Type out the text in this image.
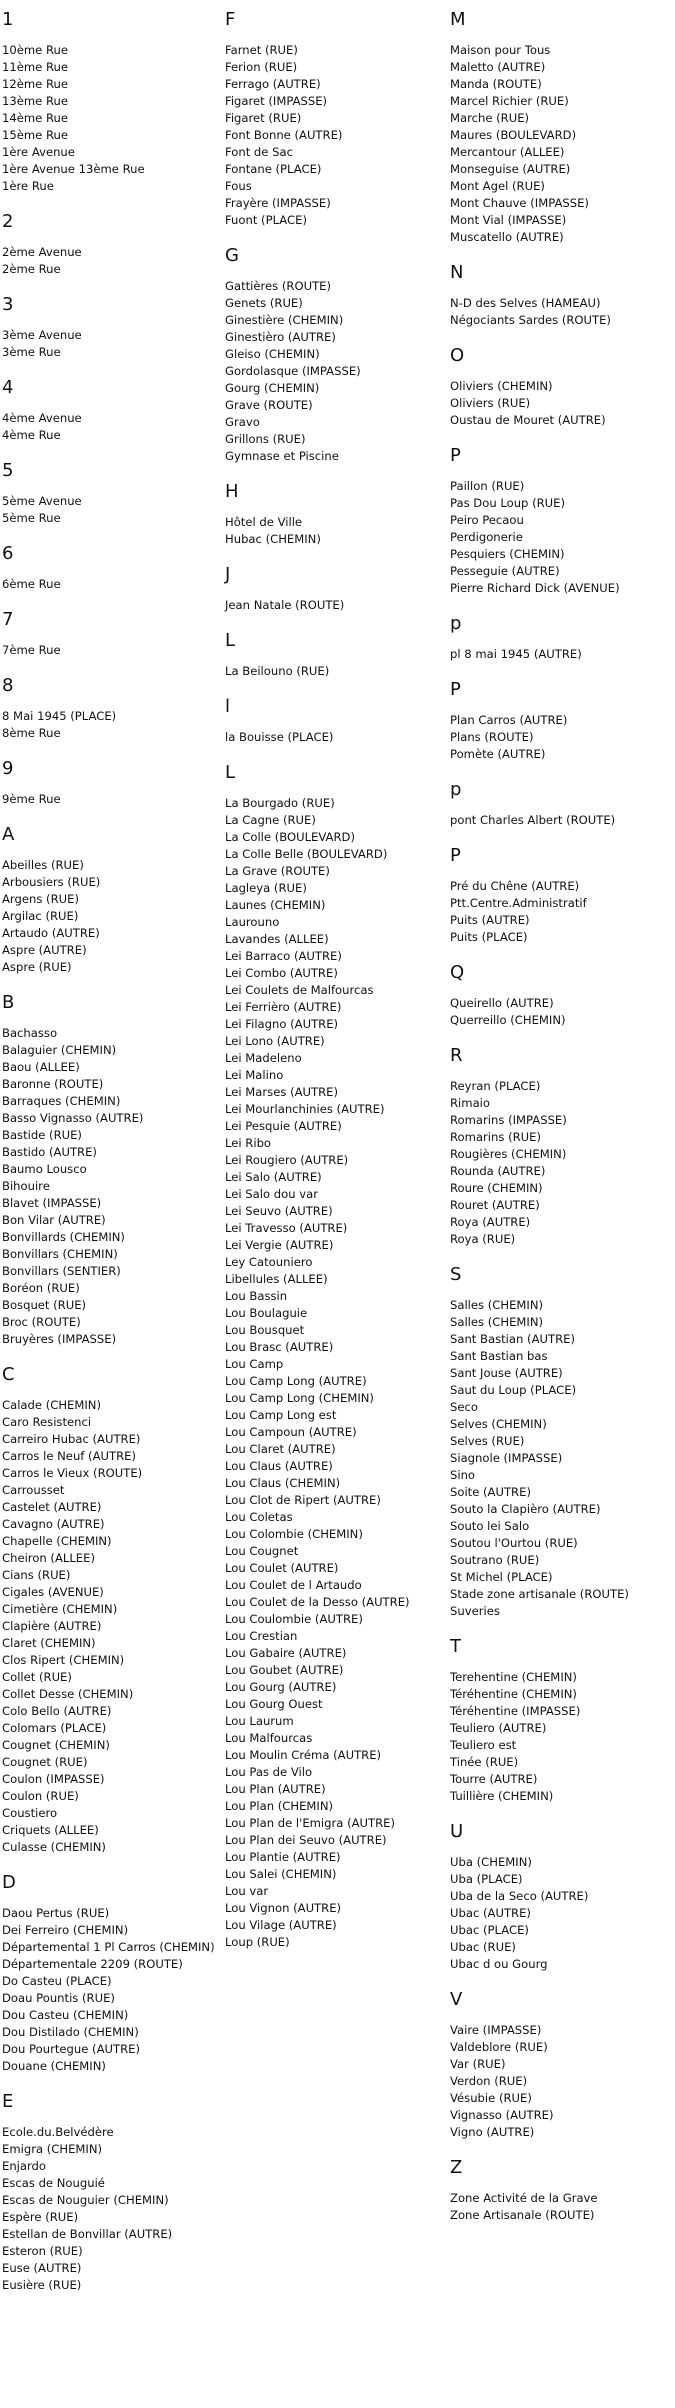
1
10ème Rue
11ème Rue
12ème Rue
13ème Rue
14ème Rue
15ème Rue
1ère Avenue
1ère Avenue 13ème Rue
1ère Rue
2
2ème Avenue
2ème Rue
3
3ème Avenue
3ème Rue
4
4ème Avenue
4ème Rue
5
5ème Avenue
5ème Rue
6
6ème Rue
7
7ème Rue
8
8 Mai 1945 (PLACE)
8ème Rue
9
9ème Rue
A
Abeilles (RUE)
Arbousiers (RUE)
Argens (RUE)
Argilac (RUE)
Artaudo (AUTRE)
Aspre (AUTRE)
Aspre (RUE)
B
Bachasso
Balaguier (CHEMIN)
Baou (ALLEE)
Baronne (ROUTE)
Barraques (CHEMIN)
Basso Vignasso (AUTRE)
Bastide (RUE)
Bastido (AUTRE)
Baumo Lousco
Bihouire
Blavet (IMPASSE)
Bon Vilar (AUTRE)
Bonvillards (CHEMIN)
Bonvillars (CHEMIN)
Bonvillars (SENTIER)
Boréon (RUE)
Bosquet (RUE)
Broc (ROUTE)
Bruyères (IMPASSE)
C
Calade (CHEMIN)
Caro Resistenci
Carreiro Hubac (AUTRE)
Carros le Neuf (AUTRE)
Carros le Vieux (ROUTE)
Carrousset
Castelet (AUTRE)
Cavagno (AUTRE)
Chapelle (CHEMIN)
Cheiron (ALLEE)
Cians (RUE)
Cigales (AVENUE)
Cimetière (CHEMIN)
Clapière (AUTRE)
Claret (CHEMIN)
Clos Ripert (CHEMIN)
Collet (RUE)
Collet Desse (CHEMIN)
Colo Bello (AUTRE)
Colomars (PLACE)
Cougnet (CHEMIN)
Cougnet (RUE)
Coulon (IMPASSE)
Coulon (RUE)
Coustiero
Criquets (ALLEE)
Culasse (CHEMIN)
D
Daou Pertus (RUE)
Dei Ferreiro (CHEMIN)
Départemental 1 Pl Carros (CHEMIN)
Départementale 2209 (ROUTE)
Do Casteu (PLACE)
Doau Pountis (RUE)
Dou Casteu (CHEMIN)
Dou Distilado (CHEMIN)
Dou Pourtegue (AUTRE)
Douane (CHEMIN)
E
Ecole.du.Belvédère
Emigra (CHEMIN)
Enjardo
Escas de Nouguié
Escas de Nouguier (CHEMIN)
Espère (RUE)
Estellan de Bonvillar (AUTRE)
Esteron (RUE)
Euse (AUTRE)
Eusière (RUE)
F
Farnet (RUE)
Ferion (RUE)
Ferrago (AUTRE)
Figaret (IMPASSE)
Figaret (RUE)
Font Bonne (AUTRE)
Font de Sac
Fontane (PLACE)
Fous
Frayère (IMPASSE)
Fuont (PLACE)
G
Gattières (ROUTE)
Genets (RUE)
Ginestière (CHEMIN)
Ginestièro (AUTRE)
Gleiso (CHEMIN)
Gordolasque (IMPASSE)
Gourg (CHEMIN)
Grave (ROUTE)
Gravo
Grillons (RUE)
Gymnase et Piscine
H
Hôtel de Ville
Hubac (CHEMIN)
J
Jean Natale (ROUTE)
L
La Beilouno (RUE)
l
la Bouisse (PLACE)
L
La Bourgado (RUE)
La Cagne (RUE)
La Colle (BOULEVARD)
La Colle Belle (BOULEVARD)
La Grave (ROUTE)
Lagleya (RUE)
Launes (CHEMIN)
Laurouno
Lavandes (ALLEE)
Lei Barraco (AUTRE)
Lei Combo (AUTRE)
Lei Coulets de Malfourcas
Lei Ferrièro (AUTRE)
Lei Filagno (AUTRE)
Lei Lono (AUTRE)
Lei Madeleno
Lei Malino
Lei Marses (AUTRE)
Lei Mourlanchinies (AUTRE)
Lei Pesquie (AUTRE)
Lei Ribo
Lei Rougiero (AUTRE)
Lei Salo (AUTRE)
Lei Salo dou var
Lei Seuvo (AUTRE)
Lei Travesso (AUTRE)
Lei Vergie (AUTRE)
Ley Catouniero
Libellules (ALLEE)
Lou Bassin
Lou Boulaguie
Lou Bousquet
Lou Brasc (AUTRE)
Lou Camp
Lou Camp Long (AUTRE)
Lou Camp Long (CHEMIN)
Lou Camp Long est
Lou Campoun (AUTRE)
Lou Claret (AUTRE)
Lou Claus (AUTRE)
Lou Claus (CHEMIN)
Lou Clot de Ripert (AUTRE)
Lou Coletas
Lou Colombie (CHEMIN)
Lou Cougnet
Lou Coulet (AUTRE)
Lou Coulet de l Artaudo
Lou Coulet de la Desso (AUTRE)
Lou Coulombie (AUTRE)
Lou Crestian
Lou Gabaire (AUTRE)
Lou Goubet (AUTRE)
Lou Gourg (AUTRE)
Lou Gourg Ouest
Lou Laurum
Lou Malfourcas
Lou Moulin Créma (AUTRE)
Lou Pas de Vilo
Lou Plan (AUTRE)
Lou Plan (CHEMIN)
Lou Plan de l'Emigra (AUTRE)
Lou Plan dei Seuvo (AUTRE)
Lou Plantie (AUTRE)
Lou Salei (CHEMIN)
Lou var
Lou Vignon (AUTRE)
Lou Vilage (AUTRE)
Loup (RUE)
M
Maison pour Tous
Maletto (AUTRE)
Manda (ROUTE)
Marcel Richier (RUE)
Marche (RUE)
Maures (BOULEVARD)
Mercantour (ALLEE)
Monseguise (AUTRE)
Mont Agel (RUE)
Mont Chauve (IMPASSE)
Mont Vial (IMPASSE)
Muscatello (AUTRE)
N
N-D des Selves (HAMEAU)
Négociants Sardes (ROUTE)
O
Oliviers (CHEMIN)
Oliviers (RUE)
Oustau de Mouret (AUTRE)
P
Paillon (RUE)
Pas Dou Loup (RUE)
Peiro Pecaou
Perdigonerie
Pesquiers (CHEMIN)
Pesseguie (AUTRE)
Pierre Richard Dick (AVENUE)
p
pl 8 mai 1945 (AUTRE)
P
Plan Carros (AUTRE)
Plans (ROUTE)
Pomète (AUTRE)
p
pont Charles Albert (ROUTE)
P
Pré du Chêne (AUTRE)
Ptt.Centre.Administratif
Puits (AUTRE)
Puits (PLACE)
Q
Queirello (AUTRE)
Querreillo (CHEMIN)
R
Reyran (PLACE)
Rimaio
Romarins (IMPASSE)
Romarins (RUE)
Rougières (CHEMIN)
Rounda (AUTRE)
Roure (CHEMIN)
Rouret (AUTRE)
Roya (AUTRE)
Roya (RUE)
S
Salles (CHEMIN)
Salles (CHEMIN)
Sant Bastian (AUTRE)
Sant Bastian bas
Sant Jouse (AUTRE)
Saut du Loup (PLACE)
Seco
Selves (CHEMIN)
Selves (RUE)
Siagnole (IMPASSE)
Sino
Soite (AUTRE)
Souto la Clapièro (AUTRE)
Souto lei Salo
Soutou l'Ourtou (RUE)
Soutrano (RUE)
St Michel (PLACE)
Stade zone artisanale (ROUTE)
Suveries
T
Terehentine (CHEMIN)
Téréhentine (CHEMIN)
Téréhentine (IMPASSE)
Teuliero (AUTRE)
Teuliero est
Tinée (RUE)
Tourre (AUTRE)
Tuillière (CHEMIN)
U
Uba (CHEMIN)
Uba (PLACE)
Uba de la Seco (AUTRE)
Ubac (AUTRE)
Ubac (PLACE)
Ubac (RUE)
Ubac d ou Gourg
V
Vaire (IMPASSE)
Valdeblore (RUE)
Var (RUE)
Verdon (RUE)
Vésubie (RUE)
Vignasso (AUTRE)
Vigno (AUTRE)
Z
Zone Activité de la Grave
Zone Artisanale (ROUTE)
